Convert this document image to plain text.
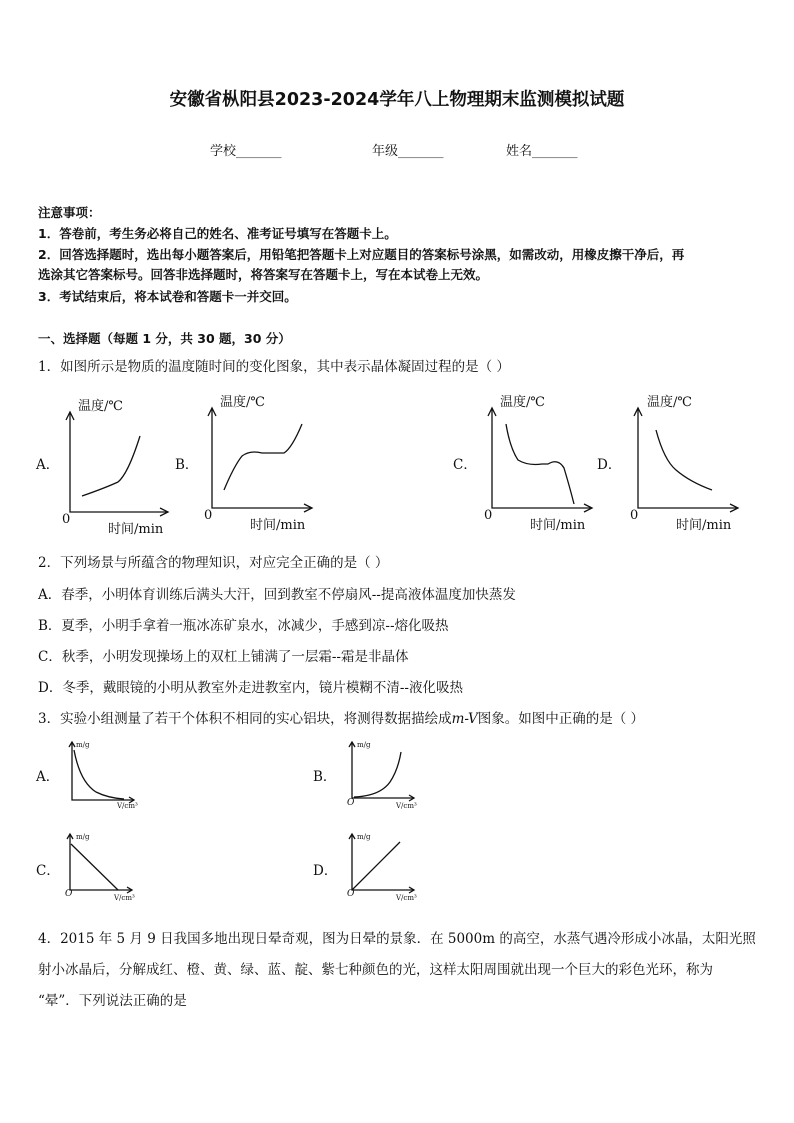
安徽省枞阳县2023-2024学年八上物理期末监测模拟试题
学校_______	年级_______	姓名_______
注意事项：
1．答卷前，考生务必将自己的姓名、准考证号填写在答题卡上。
2．回答选择题时，选出每小题答案后，用铅笔把答题卡上对应题目的答案标号涂黑，如需改动，用橡皮擦干净后，再
选涂其它答案标号。回答非选择题时，将答案写在答题卡上，写在本试卷上无效。
3．考试结束后，将本试卷和答题卡一并交回。
一、选择题（每题 1 分，共 30 题，30 分）
1．如图所示是物质的温度随时间的变化图象，其中表示晶体凝固过程的是（ ）
A．
温度/℃
时间/min
0
B．
温度/℃
时间/min
0
C．
温度/℃
时间/min
0
D．
温度/℃
时间/min
0
2．下列场景与所蕴含的物理知识，对应完全正确的是（ ）
A．春季，小明体育训练后满头大汗，回到教室不停扇风--提高液体温度加快蒸发
B．夏季，小明手拿着一瓶冰冻矿泉水，冰减少，手感到凉--熔化吸热
C．秋季，小明发现操场上的双杠上铺满了一层霜--霜是非晶体
D．冬季，戴眼镜的小明从教室外走进教室内，镜片模糊不清--液化吸热
3．实验小组测量了若干个体积不相同的实心铝块，将测得数据描绘成m-V图象。如图中正确的是（ ）
A．
m/g
V/cm³
B．
m/g
V/cm³
O
C．
m/g
V/cm³
O
D．
m/g
V/cm³
O
4．2015 年 5 月 9 日我国多地出现日晕奇观，图为日晕的景象．在 5000m 的高空，水蒸气遇冷形成小冰晶，太阳光照
射小冰晶后，分解成红、橙、黄、绿、蓝、靛、紫七种颜色的光，这样太阳周围就出现一个巨大的彩色光环，称为
“晕”．下列说法正确的是
